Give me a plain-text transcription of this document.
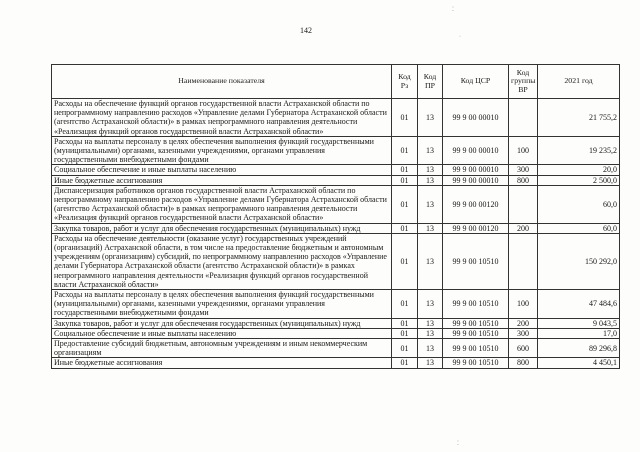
142
⁚
·
⁚
Наименование показателя	Код Рз	Код ПР	Код ЦСР	Код группы ВР	2021 год
Расходы на обеспечение функций органов государственной власти Астраханской области по непрограммному направлению расходов «Управление делами Губернатора Астраханской области (агентство Астраханской области)» в рамках непрограммного направления деятельности «Реализация функций органов государственной власти Астраханской области»	01	13	99 9 00 00010		21 755,2
Расходы на выплаты персоналу в целях обеспечения выполнения функций государственными (муниципальными) органами, казенными учреждениями, органами управления государственными внебюджетными фондами	01	13	99 9 00 00010	100	19 235,2
Социальное обеспечение и иные выплаты населению	01	13	99 9 00 00010	300	20,0
Иные бюджетные ассигнования	01	13	99 9 00 00010	800	2 500,0
Диспансеризация работников органов государственной власти Астраханской области по непрограммному направлению расходов «Управление делами Губернатора Астраханской области (агентство Астраханской области)» в рамках непрограммного направления деятельности «Реализация функций органов государственной власти Астраханской области»	01	13	99 9 00 00120		60,0
Закупка товаров, работ и услуг для обеспечения государственных (муниципальных) нужд	01	13	99 9 00 00120	200	60,0
Расходы на обеспечение деятельности (оказание услуг) государственных учреждений (организаций) Астраханской области, в том числе на предоставление бюджетным и автономным учреждениям (организациям) субсидий, по непрограммному направлению расходов «Управление делами Губернатора Астраханской области (агентство Астраханской области)» в рамках непрограммного направления деятельности «Реализация функций органов государственной власти Астраханской области»	01	13	99 9 00 10510		150 292,0
Расходы на выплаты персоналу в целях обеспечения выполнения функций государственными (муниципальными) органами, казенными учреждениями, органами управления государственными внебюджетными фондами	01	13	99 9 00 10510	100	47 484,6
Закупка товаров, работ и услуг для обеспечения государственных (муниципальных) нужд	01	13	99 9 00 10510	200	9 043,5
Социальное обеспечение и иные выплаты населению	01	13	99 9 00 10510	300	17,0
Предоставление субсидий бюджетным, автономным учреждениям и иным некоммерческим организациям	01	13	99 9 00 10510	600	89 296,8
Иные бюджетные ассигнования	01	13	99 9 00 10510	800	4 450,1
